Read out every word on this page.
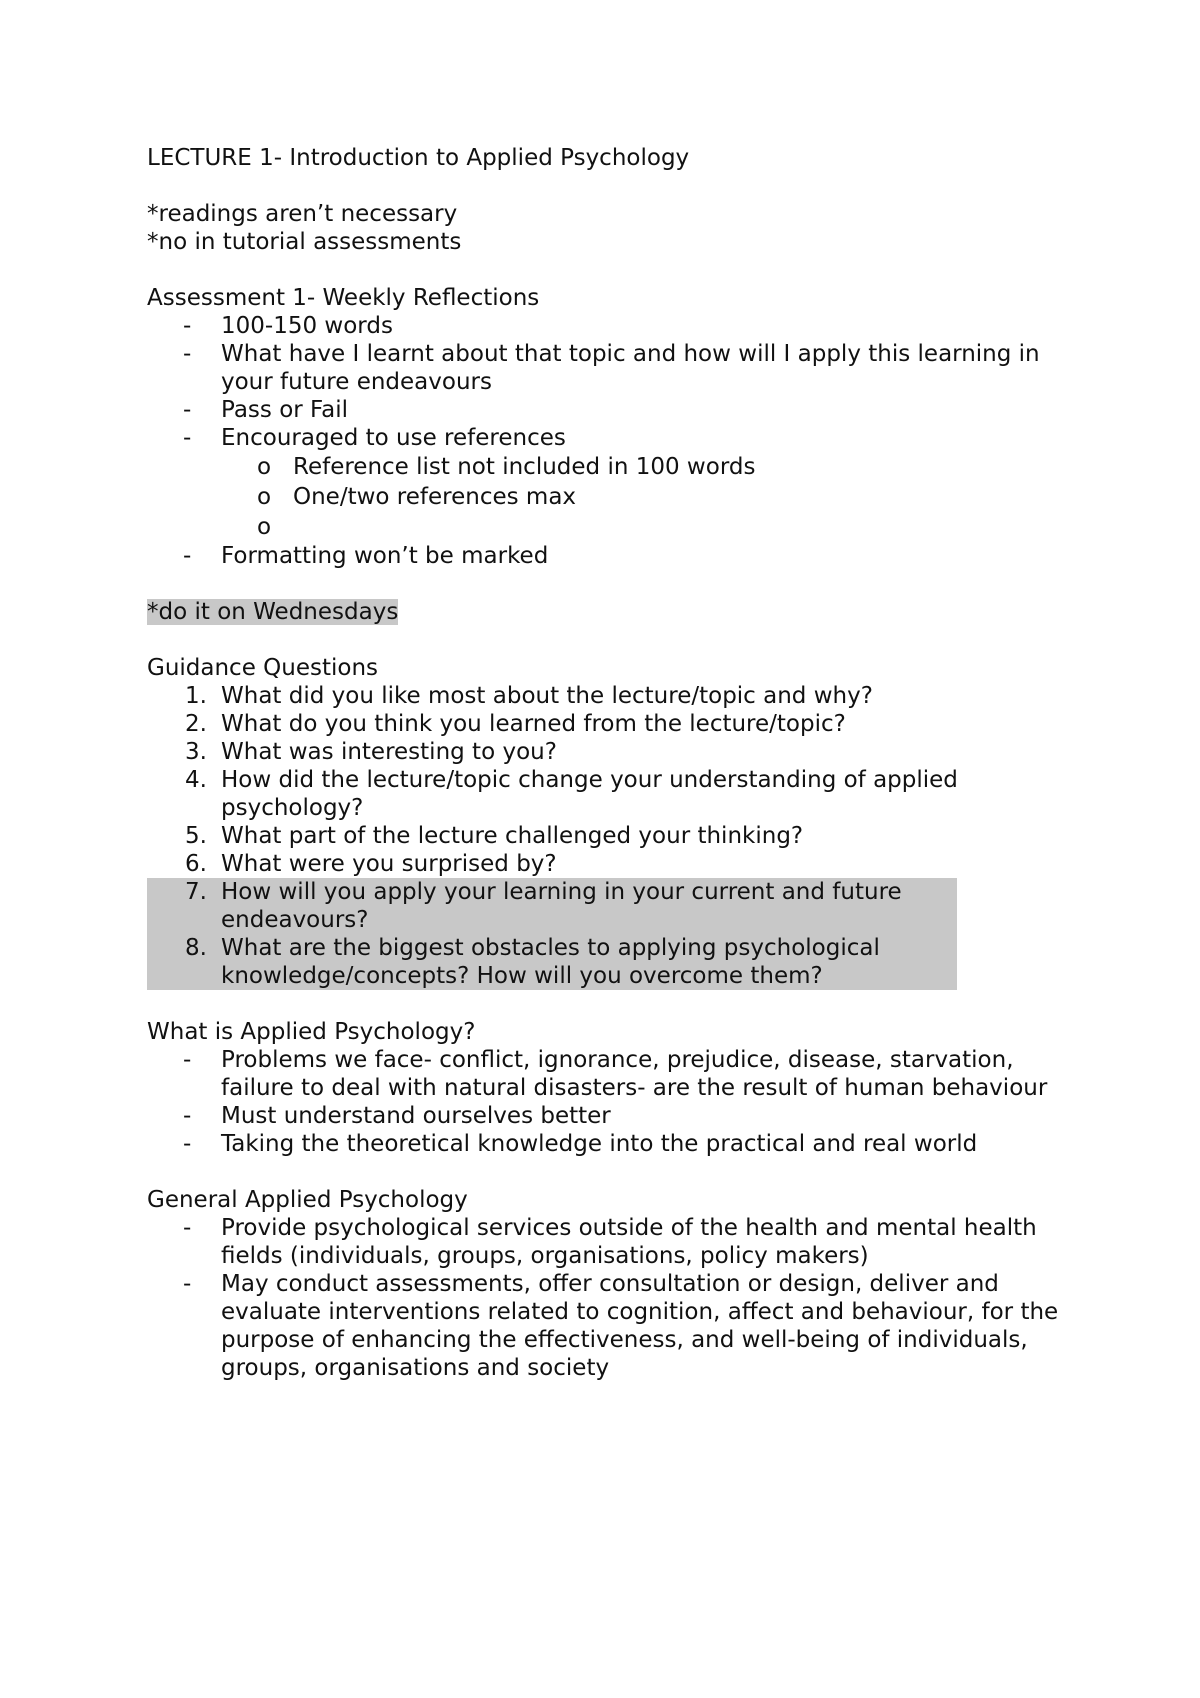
LECTURE 1- Introduction to Applied Psychology
*readings aren’t necessary
*no in tutorial assessments
Assessment 1- Weekly Reflections
-	100-150 words
-	What have I learnt about that topic and how will I apply this learning in your future endeavours
-	Pass or Fail
-	Encouraged to use references
o Reference list not included in 100 words
o One/two references max
o
-	Formatting won’t be marked
*do it on Wednesdays
Guidance Questions
1. What did you like most about the lecture/topic and why?
2. What do you think you learned from the lecture/topic?
3. What was interesting to you?
4. How did the lecture/topic change your understanding of applied psychology?
5. What part of the lecture challenged your thinking?
6. What were you surprised by?
7. How will you apply your learning in your current and future endeavours?
8. What are the biggest obstacles to applying psychological knowledge/concepts? How will you overcome them?
What is Applied Psychology?
-	Problems we face- conflict, ignorance, prejudice, disease, starvation, failure to deal with natural disasters- are the result of human behaviour
-	Must understand ourselves better
-	Taking the theoretical knowledge into the practical and real world
General Applied Psychology
-	Provide psychological services outside of the health and mental health fields (individuals, groups, organisations, policy makers)
-	May conduct assessments, offer consultation or design, deliver and evaluate interventions related to cognition, affect and behaviour, for the purpose of enhancing the effectiveness, and well-being of individuals, groups, organisations and society
